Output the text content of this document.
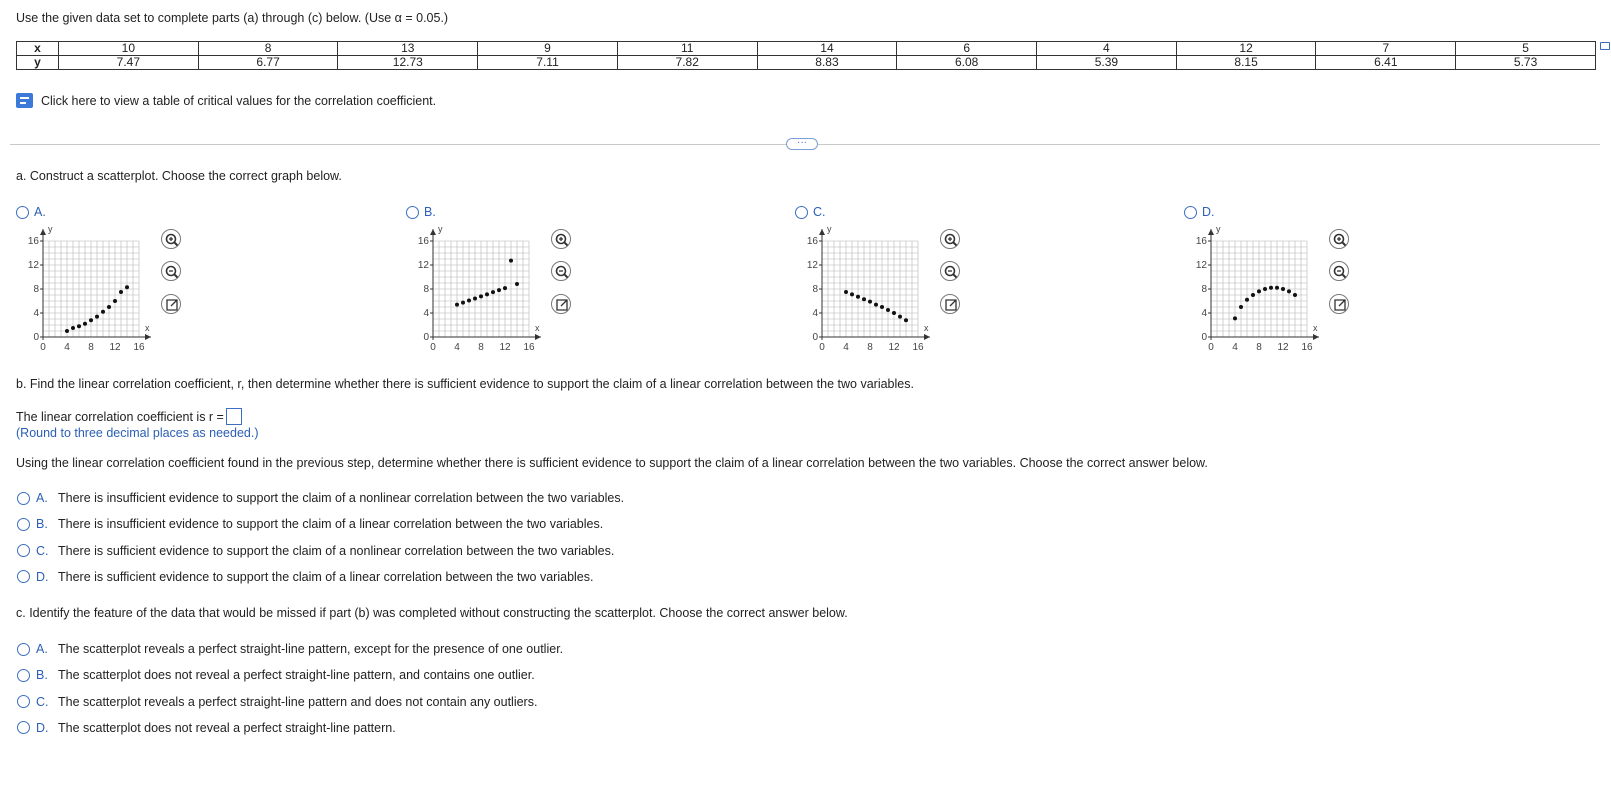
Use the given data set to complete parts (a) through (c) below. (Use α = 0.05.)
x	10	8	13	9	11	14	6	4	12	7	5
y	7.47	6.77	12.73	7.11	7.82	8.83	6.08	5.39	8.15	6.41	5.73
Click here to view a table of critical values for the correlation coefficient.
···
a. Construct a scatterplot. Choose the correct graph below.
A.
0 4 8 12 16
0
4
8
12
16
x
y
B.
0 4 8 12 16
0
4
8
12
16
x
y
C.
0 4 8 12 16
0
4
8
12
16
x
y
D.
0 4 8 12 16
0
4
8
12
16
x
y
b. Find the linear correlation coefficient, r, then determine whether there is sufficient evidence to support the claim of a linear correlation between the two variables.
The linear correlation coefficient is r =
(Round to three decimal places as needed.)
Using the linear correlation coefficient found in the previous step, determine whether there is sufficient evidence to support the claim of a linear correlation between the two variables. Choose the correct answer below.
A. There is insufficient evidence to support the claim of a nonlinear correlation between the two variables.
B. There is insufficient evidence to support the claim of a linear correlation between the two variables.
C. There is sufficient evidence to support the claim of a nonlinear correlation between the two variables.
D. There is sufficient evidence to support the claim of a linear correlation between the two variables.
c. Identify the feature of the data that would be missed if part (b) was completed without constructing the scatterplot. Choose the correct answer below.
A. The scatterplot reveals a perfect straight-line pattern, except for the presence of one outlier.
B. The scatterplot does not reveal a perfect straight-line pattern, and contains one outlier.
C. The scatterplot reveals a perfect straight-line pattern and does not contain any outliers.
D. The scatterplot does not reveal a perfect straight-line pattern.
